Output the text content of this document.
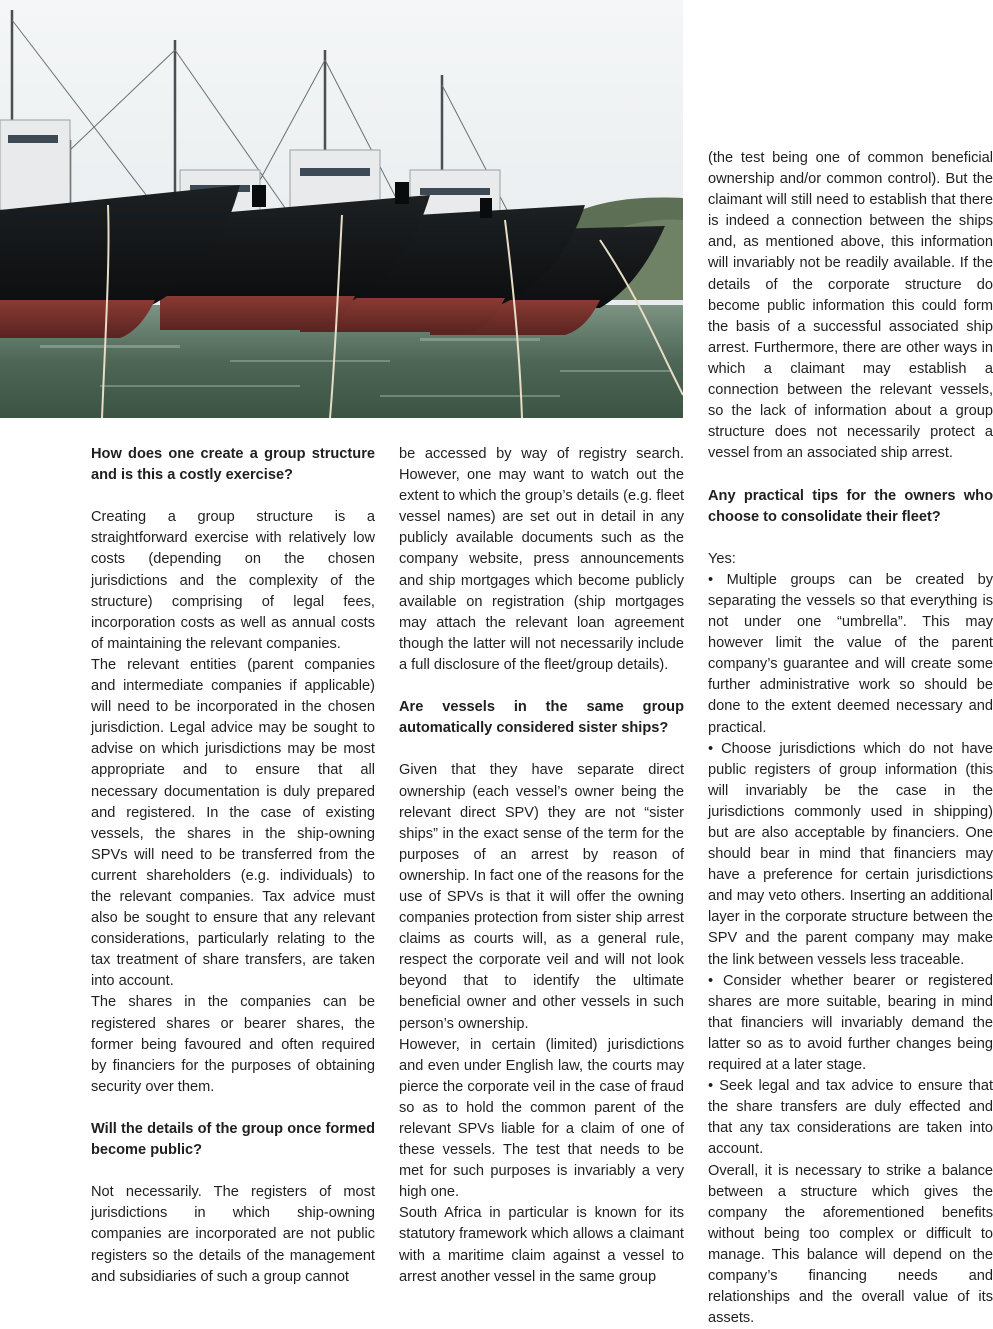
How does one create a group structure and is this a costly exercise?

Creating a group structure is a straightforward exercise with relatively low costs (depending on the chosen jurisdictions and the complexity of the structure) comprising of legal fees, incorporation costs as well as annual costs of maintaining the relevant companies.

The relevant entities (parent companies and intermediate companies if applicable) will need to be incorporated in the chosen jurisdiction. Legal advice may be sought to advise on which jurisdictions may be most appropriate and to ensure that all necessary documentation is duly prepared and registered. In the case of existing vessels, the shares in the ship-owning SPVs will need to be transferred from the current shareholders (e.g. individuals) to the relevant companies. Tax advice must also be sought to ensure that any relevant considerations, particularly relating to the tax treatment of share transfers, are taken into account.

The shares in the companies can be registered shares or bearer shares, the former being favoured and often required by financiers for the purposes of obtaining security over them.

Will the details of the group once formed become public?

Not necessarily. The registers of most jurisdictions in which ship-owning companies are incorporated are not public registers so the details of the management and subsidiaries of such a group cannot

be accessed by way of registry search. However, one may want to watch out the extent to which the group’s details (e.g. fleet vessel names) are set out in detail in any publicly available documents such as the company website, press announcements and ship mortgages which become publicly available on registration (ship mortgages may attach the relevant loan agreement though the latter will not necessarily include a full disclosure of the fleet/group details).

Are vessels in the same group automatically considered sister ships?

Given that they have separate direct ownership (each vessel’s owner being the relevant direct SPV) they are not “sister ships” in the exact sense of the term for the purposes of an arrest by reason of ownership. In fact one of the reasons for the use of SPVs is that it will offer the owning companies protection from sister ship arrest claims as courts will, as a general rule, respect the corporate veil and will not look beyond that to identify the ultimate beneficial owner and other vessels in such person’s ownership.

However, in certain (limited) jurisdictions and even under English law, the courts may pierce the corporate veil in the case of fraud so as to hold the common parent of the relevant SPVs liable for a claim of one of these vessels. The test that needs to be met for such purposes is invariably a very high one.

South Africa in particular is known for its statutory framework which allows a claimant with a maritime claim against a vessel to arrest another vessel in the same group

(the test being one of common beneficial ownership and/or common control). But the claimant will still need to establish that there is indeed a connection between the ships and, as mentioned above, this information will invariably not be readily available. If the details of the corporate structure do become public information this could form the basis of a successful associated ship arrest. Furthermore, there are other ways in which a claimant may establish a connection between the relevant vessels, so the lack of information about a group structure does not necessarily protect a vessel from an associated ship arrest.

Any practical tips for the owners who choose to consolidate their fleet?

Yes:

• Multiple groups can be created by separating the vessels so that everything is not under one “umbrella”. This may however limit the value of the parent company’s guarantee and will create some further administrative work so should be done to the extent deemed necessary and practical.

• Choose jurisdictions which do not have public registers of group information (this will invariably be the case in the jurisdictions commonly used in shipping) but are also acceptable by financiers. One should bear in mind that financiers may have a preference for certain jurisdictions and may veto others. Inserting an additional layer in the corporate structure between the SPV and the parent company may make the link between vessels less traceable.

• Consider whether bearer or registered shares are more suitable, bearing in mind that financiers will invariably demand the latter so as to avoid further changes being required at a later stage.

• Seek legal and tax advice to ensure that the share transfers are duly effected and that any tax considerations are taken into account.

Overall, it is necessary to strike a balance between a structure which gives the company the aforementioned benefits without being too complex or difficult to manage. This balance will depend on the company’s financing needs and relationships and the overall value of its assets.
